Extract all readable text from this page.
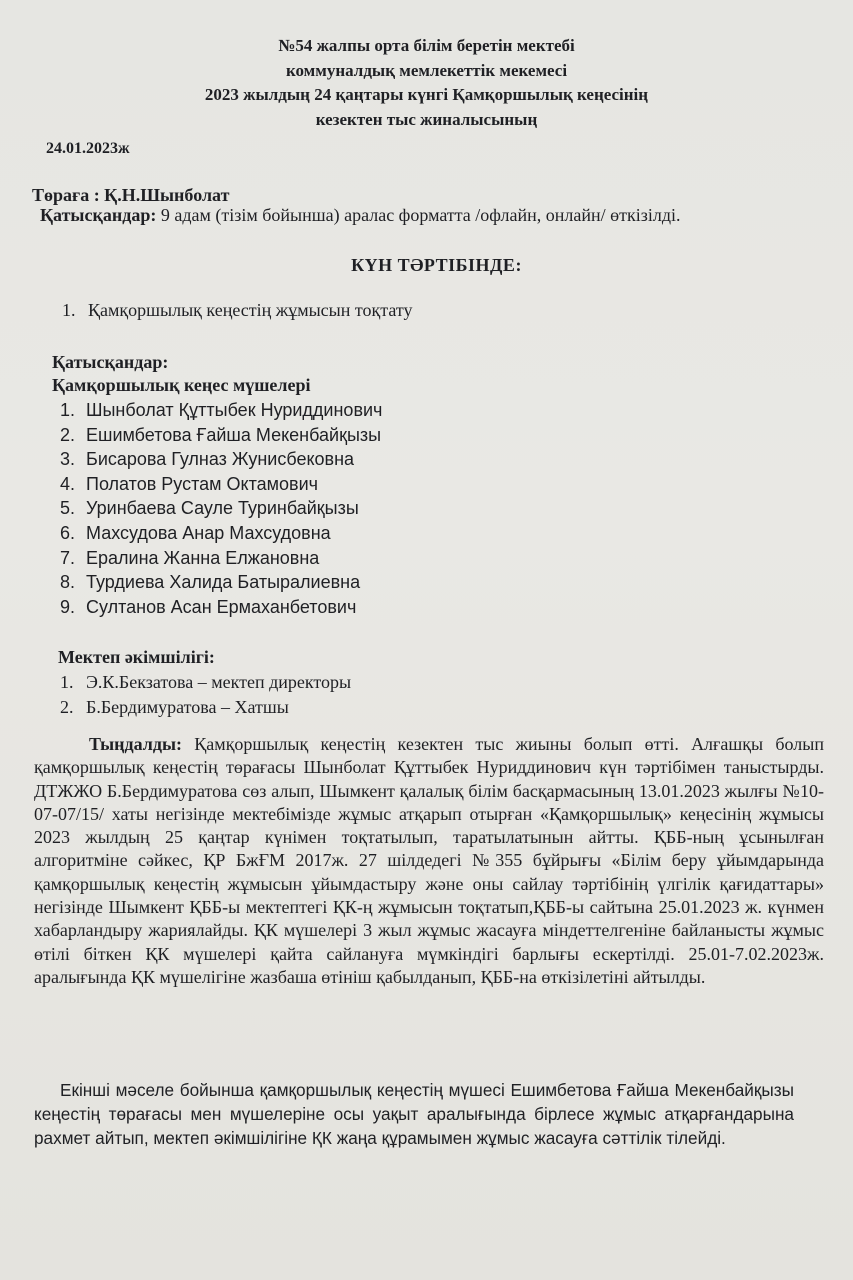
№54 жалпы орта білім беретін мектебі
коммуналдық мемлекеттік мекемесі
2023 жылдың 24 қаңтары күнгі Қамқоршылық кеңесінің
кезектен тыс жиналысының
24.01.2023ж
Төраға : Қ.Н.Шынболат
Қатысқандар: 9 адам (тізім бойынша) аралас форматта /офлайн, онлайн/ өткізілді.
КҮН ТӘРТІБІНДЕ:
1. Қамқоршылық кеңестің жұмысын тоқтату
Қатысқандар:
Қамқоршылық кеңес мүшелері
1. Шынболат Құттыбек Нуриддинович
2. Ешимбетова Ғайша Мекенбайқызы
3. Бисарова Гулназ Жунисбековна
4. Полатов Рустам Октамович
5. Уринбаева Сауле Туринбайқызы
6. Махсудова Анар Махсудовна
7. Ералина Жанна Елжановна
8. Турдиева Халида Батыралиевна
9. Султанов Асан Ермаханбетович
Мектеп әкімшілігі:
1. Э.К.Бекзатова – мектеп директоры
2. Б.Бердимуратова – Хатшы
Тыңдалды: Қамқоршылық кеңестің кезектен тыс жиыны болып өтті. Алғашқы болып қамқоршылық кеңестің төрағасы Шынболат Құттыбек Нуриддинович күн тәртібімен таныстырды. ДТЖЖО Б.Бердимуратова сөз алып, Шымкент қалалық білім басқармасының 13.01.2023 жылғы №10-07-07/15/ хаты негізінде мектебімізде жұмыс атқарып отырған «Қамқоршылық» кеңесінің жұмысы 2023 жылдың 25 қаңтар күнімен тоқтатылып, таратылатынын айтты. ҚББ-ның ұсынылған алгоритміне сәйкес, ҚР БжҒМ 2017ж. 27 шілдедегі №355 бұйрығы «Білім беру ұйымдарында қамқоршылық кеңестің жұмысын ұйымдастыру және оны сайлау тәртібінің үлгілік қағидаттары» негізінде Шымкент ҚББ-ы мектептегі ҚК-ң жұмысын тоқтатып,ҚББ-ы сайтына 25.01.2023 ж. күнмен хабарландыру жариялайды. ҚК мүшелері 3 жыл жұмыс жасауға міндеттелгеніне байланысты жұмыс өтілі біткен ҚК мүшелері қайта сайлануға мүмкіндігі барлығы ескертілді. 25.01-7.02.2023ж. аралығында ҚК мүшелігіне жазбаша өтініш қабылданып, ҚББ-на өткізілетіні айтылды.
Екінші мәселе бойынша қамқоршылық кеңестің мүшесі Ешимбетова Ғайша Мекенбайқызы кеңестің төрағасы мен мүшелеріне осы уақыт аралығында бірлесе жұмыс атқарғандарына рахмет айтып, мектеп әкімшілігіне ҚК жаңа құрамымен жұмыс жасауға сәттілік тілейді.
